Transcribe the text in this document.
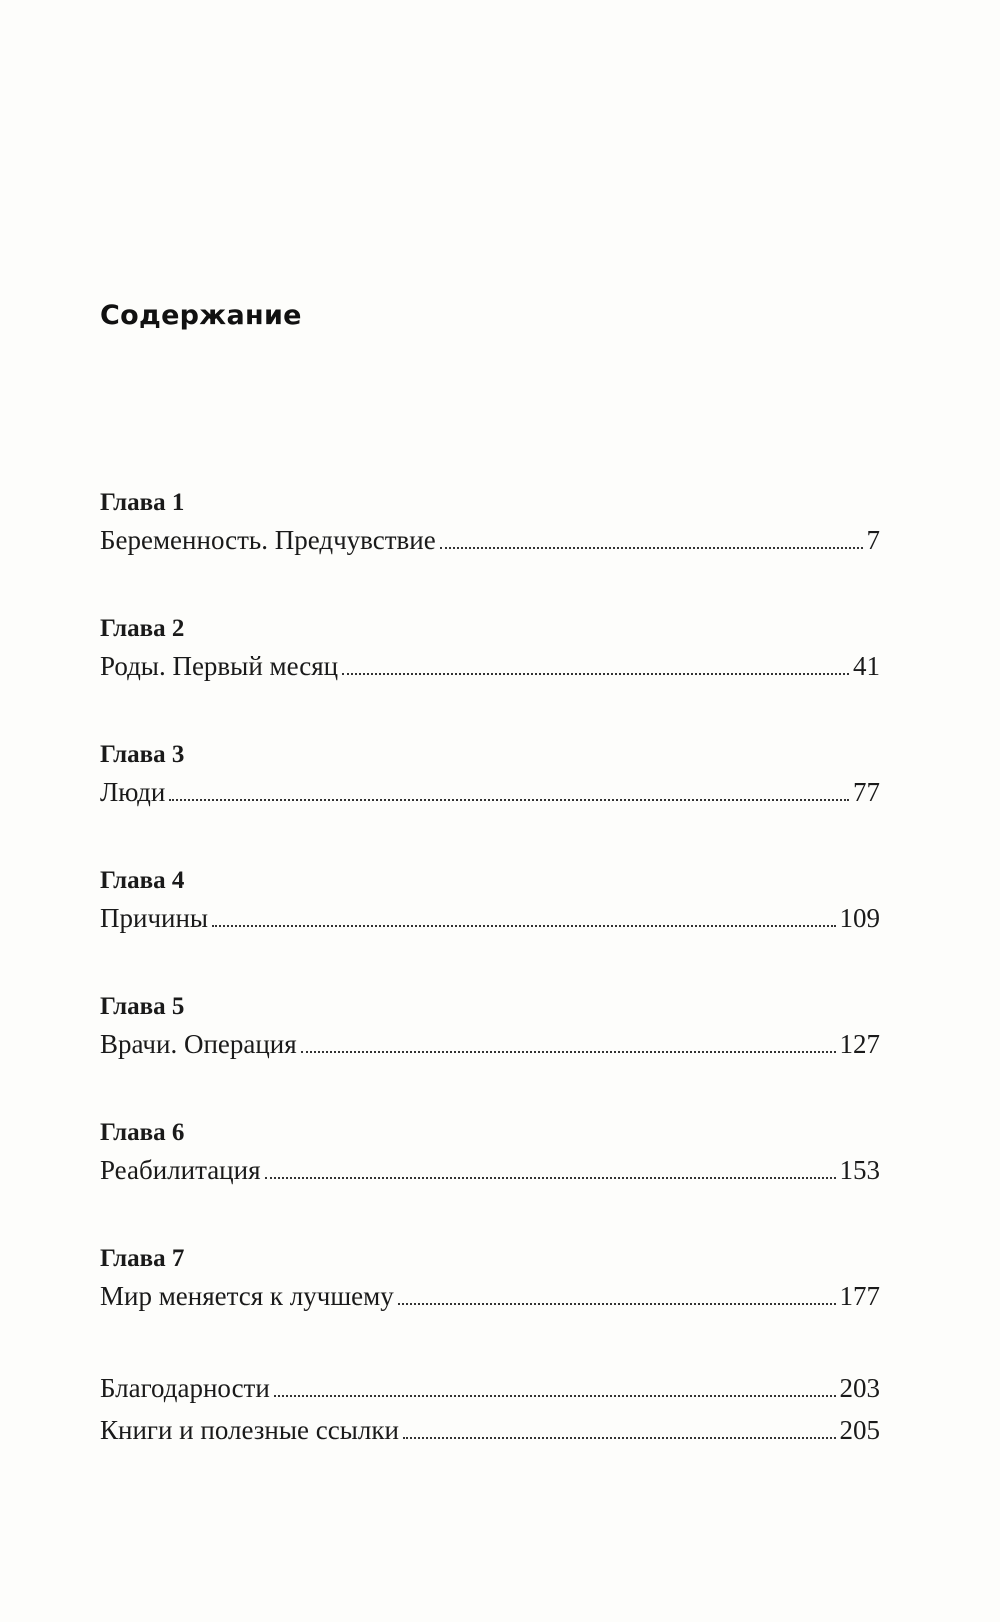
Содержание
Глава 1
Беременность. Предчувствие	7
Глава 2
Роды. Первый месяц	41
Глава 3
Люди	77
Глава 4
Причины	109
Глава 5
Врачи. Операция	127
Глава 6
Реабилитация	153
Глава 7
Мир меняется к лучшему	177
Благодарности	203
Книги и полезные ссылки	205
